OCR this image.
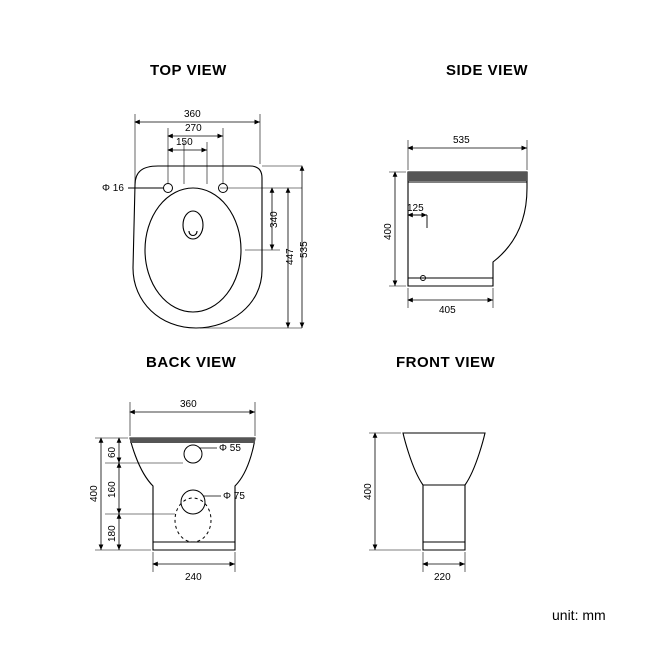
TOP VIEW	SIDE VIEW
BACK VIEW	FRONT VIEW
unit: mm
Φ 16
360
270
150
340
447 535
535
400
125
405
Φ 55
Φ 75
360
400
60
160
180
240
400
220
